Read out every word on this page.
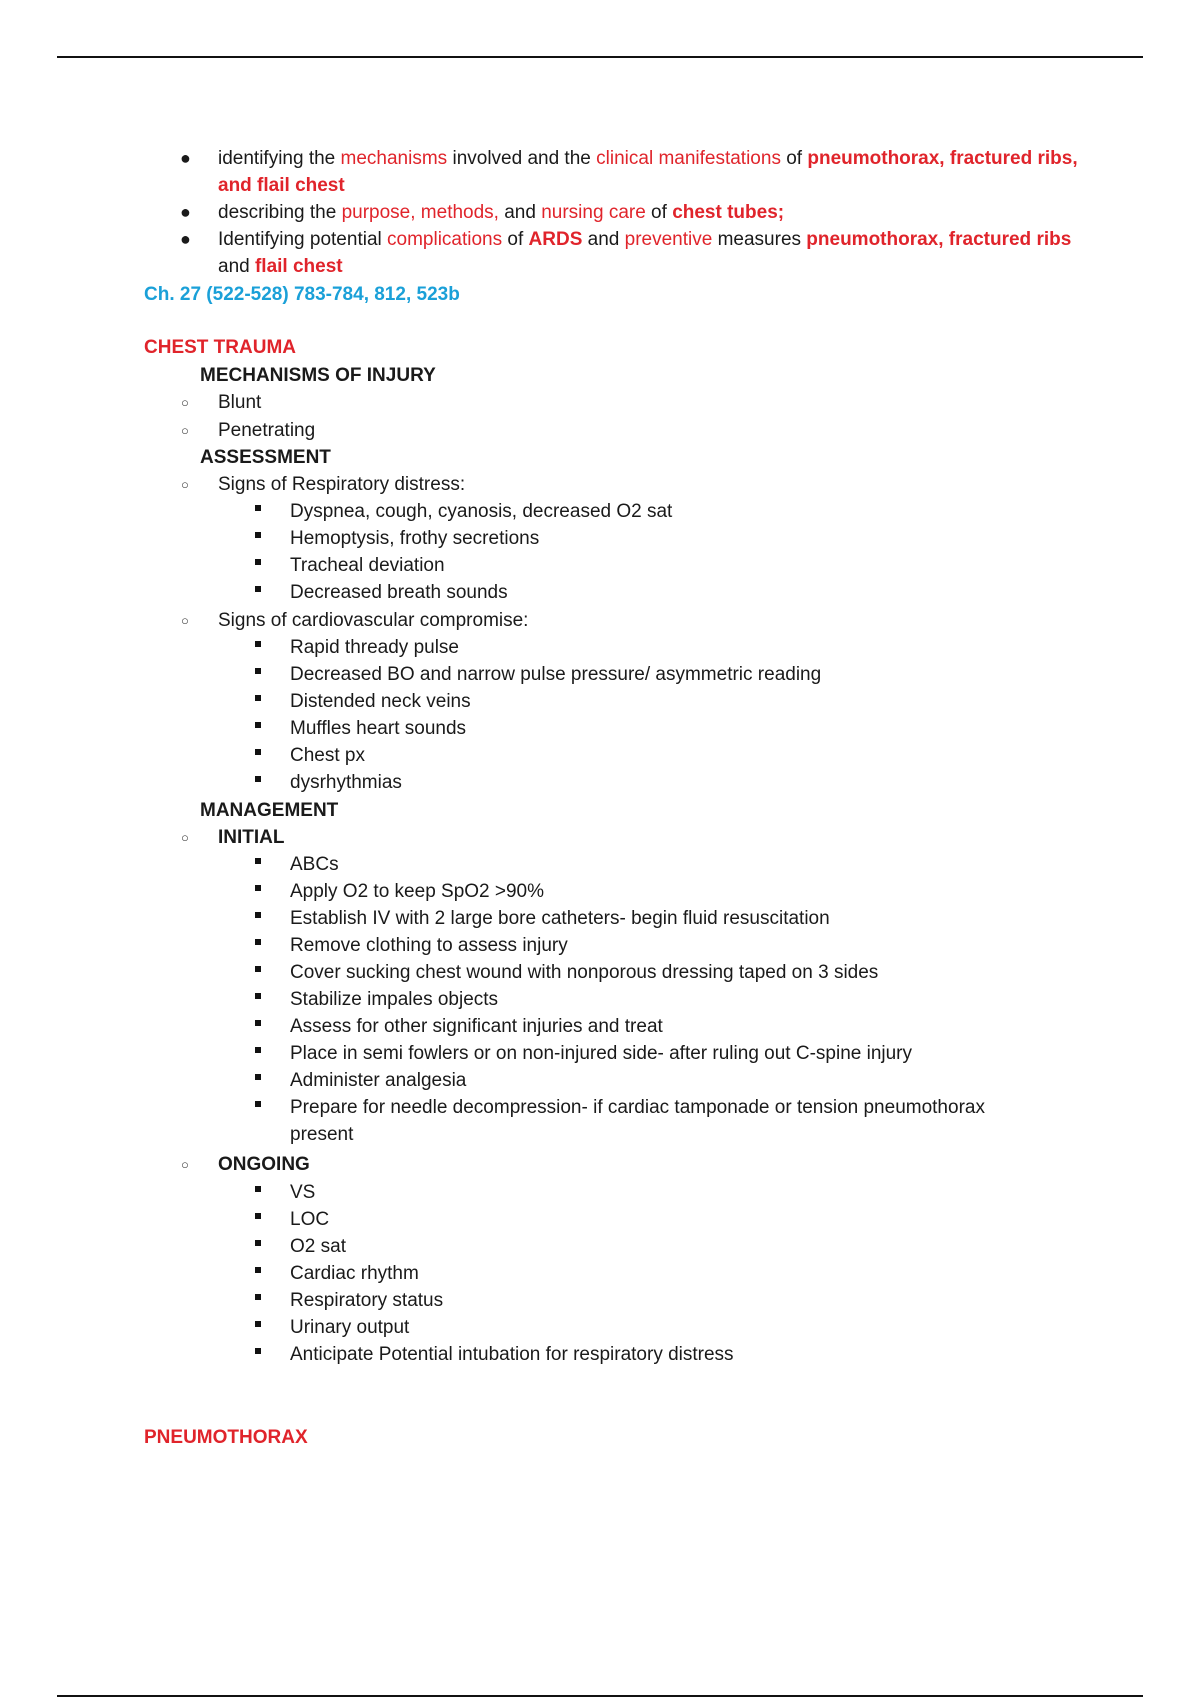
● identifying the mechanisms involved and the clinical manifestations of pneumothorax, fractured ribs, and flail chest
● describing the purpose, methods, and nursing care of chest tubes;
● Identifying potential complications of ARDS and preventive measures pneumothorax, fractured ribs and flail chest
Ch. 27 (522-528) 783-784, 812, 523b
CHEST TRAUMA
MECHANISMS OF INJURY
○ Blunt
○ Penetrating
ASSESSMENT
○ Signs of Respiratory distress:
Dyspnea, cough, cyanosis, decreased O2 sat
Hemoptysis, frothy secretions
Tracheal deviation
Decreased breath sounds
○ Signs of cardiovascular compromise:
Rapid thready pulse
Decreased BO and narrow pulse pressure/ asymmetric reading
Distended neck veins
Muffles heart sounds
Chest px
dysrhythmias
MANAGEMENT
○ INITIAL
ABCs
Apply O2 to keep SpO2 >90%
Establish IV with 2 large bore catheters- begin fluid resuscitation
Remove clothing to assess injury
Cover sucking chest wound with nonporous dressing taped on 3 sides
Stabilize impales objects
Assess for other significant injuries and treat
Place in semi fowlers or on non-injured side- after ruling out C-spine injury
Administer analgesia
Prepare for needle decompression- if cardiac tamponade or tension pneumothorax
present
○ ONGOING
VS
LOC
O2 sat
Cardiac rhythm
Respiratory status
Urinary output
Anticipate Potential intubation for respiratory distress
PNEUMOTHORAX
